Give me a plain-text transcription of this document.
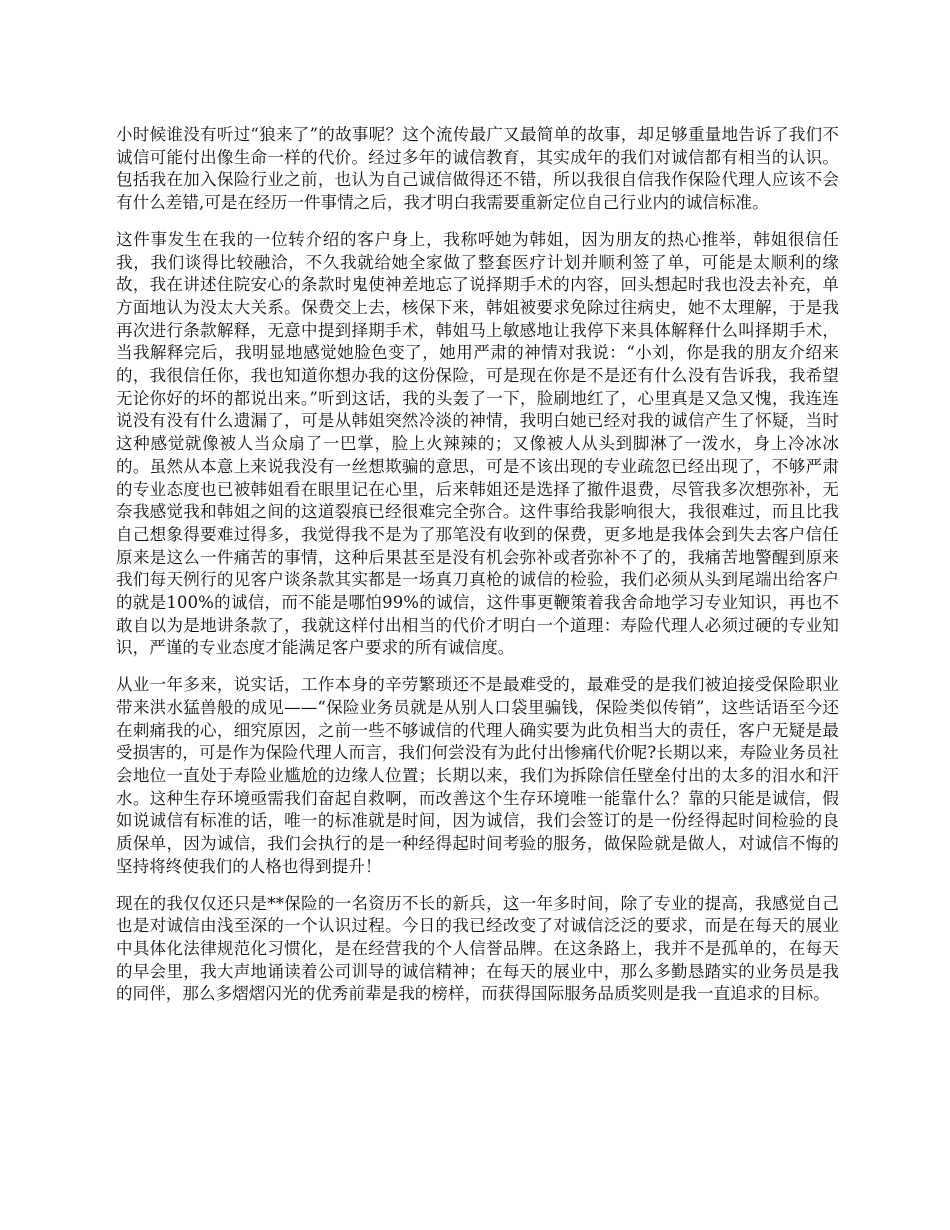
小时候谁没有听过“狼来了”的故事呢？这个流传最广又最简单的故事，却足够重量地告诉了我们不诚信可能付出像生命一样的代价。经过多年的诚信教育，其实成年的我们对诚信都有相当的认识。包括我在加入保险行业之前，也认为自己诚信做得还不错，所以我很自信我作保险代理人应该不会有什么差错,可是在经历一件事情之后，我才明白我需要重新定位自己行业内的诚信标准。

这件事发生在我的一位转介绍的客户身上，我称呼她为韩姐，因为朋友的热心推举，韩姐很信任我，我们谈得比较融洽，不久我就给她全家做了整套医疗计划并顺利签了单，可能是太顺利的缘故，我在讲述住院安心的条款时鬼使神差地忘了说择期手术的内容，回头想起时我也没去补充，单方面地认为没太大关系。保费交上去，核保下来，韩姐被要求免除过往病史，她不太理解，于是我再次进行条款解释，无意中提到择期手术，韩姐马上敏感地让我停下来具体解释什么叫择期手术，当我解释完后，我明显地感觉她脸色变了，她用严肃的神情对我说：“小刘，你是我的朋友介绍来的，我很信任你，我也知道你想办我的这份保险，可是现在你是不是还有什么没有告诉我，我希望无论你好的坏的都说出来。”听到这话，我的头轰了一下，脸刷地红了，心里真是又急又愧，我连连说没有没有什么遗漏了，可是从韩姐突然冷淡的神情，我明白她已经对我的诚信产生了怀疑，当时这种感觉就像被人当众扇了一巴掌，脸上火辣辣的；又像被人从头到脚淋了一泼水，身上冷冰冰的。虽然从本意上来说我没有一丝想欺骗的意思，可是不该出现的专业疏忽已经出现了，不够严肃的专业态度也已被韩姐看在眼里记在心里，后来韩姐还是选择了撤件退费，尽管我多次想弥补，无奈我感觉我和韩姐之间的这道裂痕已经很难完全弥合。这件事给我影响很大，我很难过，而且比我自己想象得要难过得多，我觉得我不是为了那笔没有收到的保费，更多地是我体会到失去客户信任原来是这么一件痛苦的事情，这种后果甚至是没有机会弥补或者弥补不了的，我痛苦地警醒到原来我们每天例行的见客户谈条款其实都是一场真刀真枪的诚信的检验，我们必须从头到尾端出给客户的就是100%的诚信，而不能是哪怕99%的诚信，这件事更鞭策着我舍命地学习专业知识，再也不敢自以为是地讲条款了，我就这样付出相当的代价才明白一个道理：寿险代理人必须过硬的专业知识，严谨的专业态度才能满足客户要求的所有诚信度。

从业一年多来，说实话，工作本身的辛劳繁琐还不是最难受的，最难受的是我们被迫接受保险职业带来洪水猛兽般的成见——“保险业务员就是从别人口袋里骗钱，保险类似传销”，这些话语至今还在刺痛我的心，细究原因，之前一些不够诚信的代理人确实要为此负相当大的责任，客户无疑是最受损害的，可是作为保险代理人而言，我们何尝没有为此付出惨痛代价呢?长期以来，寿险业务员社会地位一直处于寿险业尴尬的边缘人位置；长期以来，我们为拆除信任壁垒付出的太多的泪水和汗水。这种生存环境亟需我们奋起自救啊，而改善这个生存环境唯一能靠什么？靠的只能是诚信，假如说诚信有标准的话，唯一的标准就是时间，因为诚信，我们会签订的是一份经得起时间检验的良质保单，因为诚信，我们会执行的是一种经得起时间考验的服务，做保险就是做人，对诚信不悔的坚持将终使我们的人格也得到提升！

现在的我仅仅还只是**保险的一名资历不长的新兵，这一年多时间，除了专业的提高，我感觉自己也是对诚信由浅至深的一个认识过程。今日的我已经改变了对诚信泛泛的要求，而是在每天的展业中具体化法律规范化习惯化，是在经营我的个人信誉品牌。在这条路上，我并不是孤单的，在每天的早会里，我大声地诵读着公司训导的诚信精神；在每天的展业中，那么多勤恳踏实的业务员是我的同伴，那么多熠熠闪光的优秀前辈是我的榜样，而获得国际服务品质奖则是我一直追求的目标。
